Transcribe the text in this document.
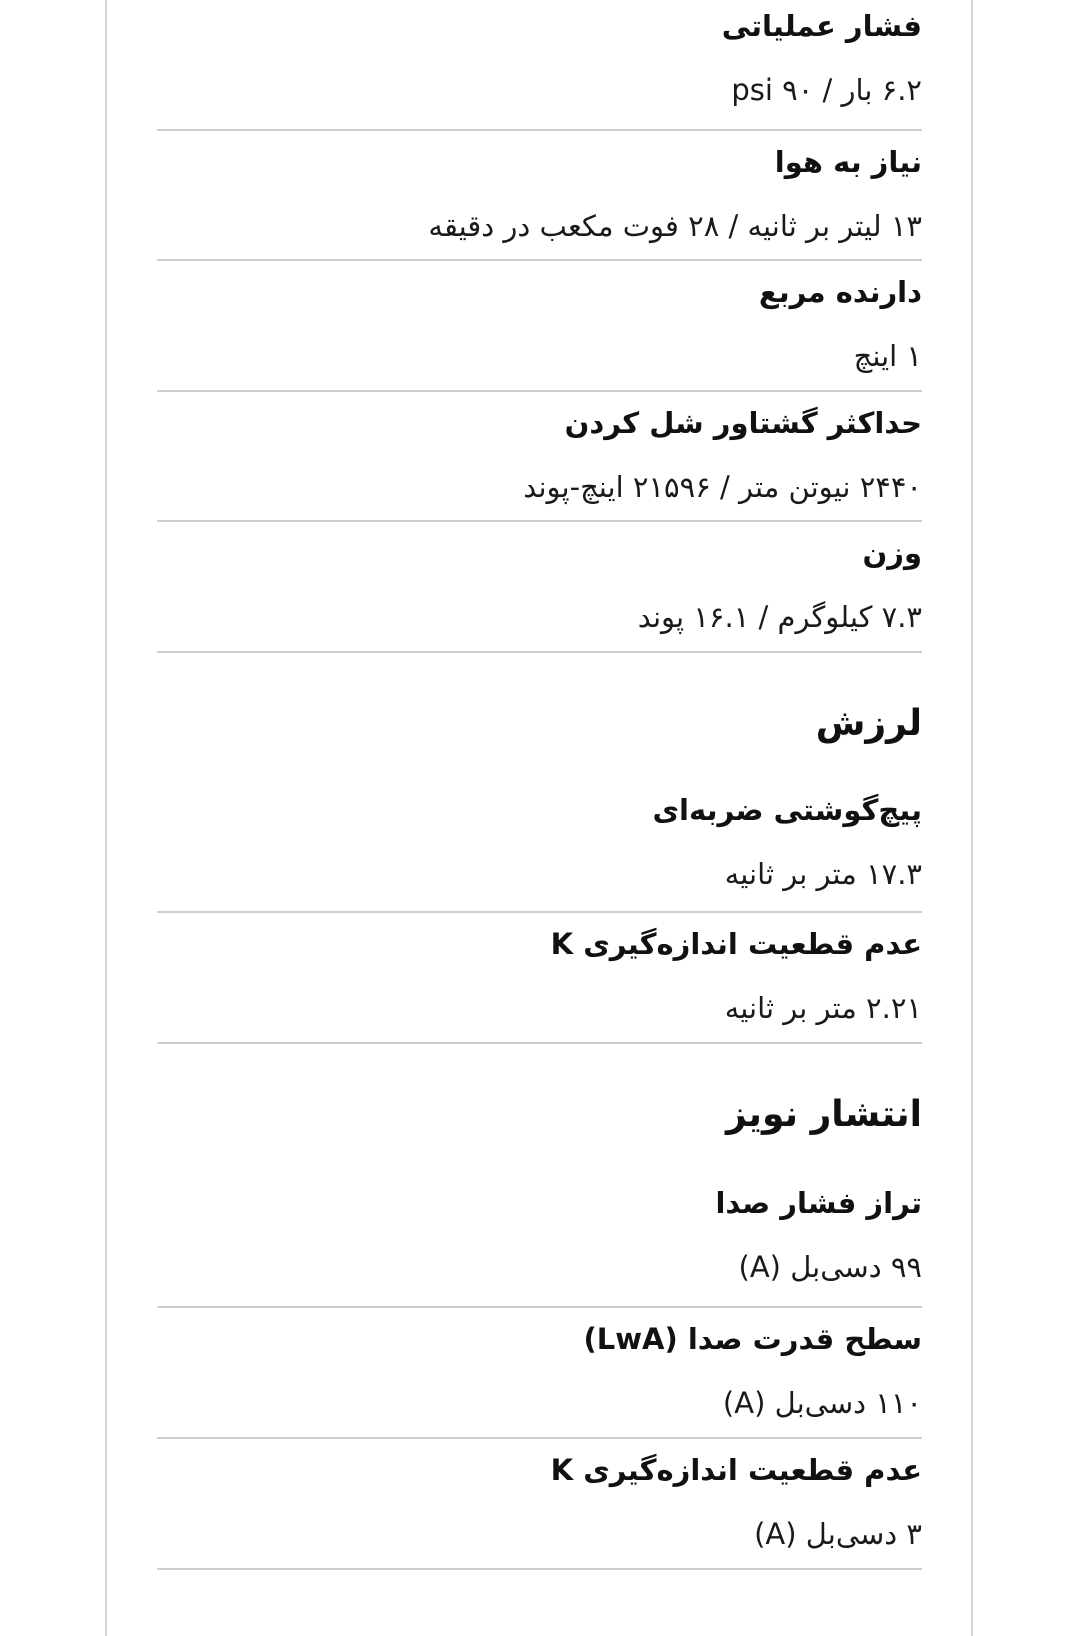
فشار عملیاتی
۶.۲ بار / ۹۰ psi
نیاز به هوا
۱۳ لیتر بر ثانیه / ۲۸ فوت مکعب در دقیقه
دارنده مربع
۱ اینچ
حداکثر گشتاور شل کردن
۲۴۴۰ نیوتن متر / ۲۱۵۹۶ اینچ-پوند
وزن
۷.۳ کیلوگرم / ۱۶.۱ پوند
لرزش
پیچ‌گوشتی ضربه‌ای
۱۷.۳ متر بر ثانیه
عدم قطعیت اندازه‌گیری K
۲.۲۱ متر بر ثانیه
انتشار نویز
تراز فشار صدا
۹۹ دسی‌بل (A)
سطح قدرت صدا (LwA)
۱۱۰ دسی‌بل (A)
عدم قطعیت اندازه‌گیری K
۳ دسی‌بل (A)
